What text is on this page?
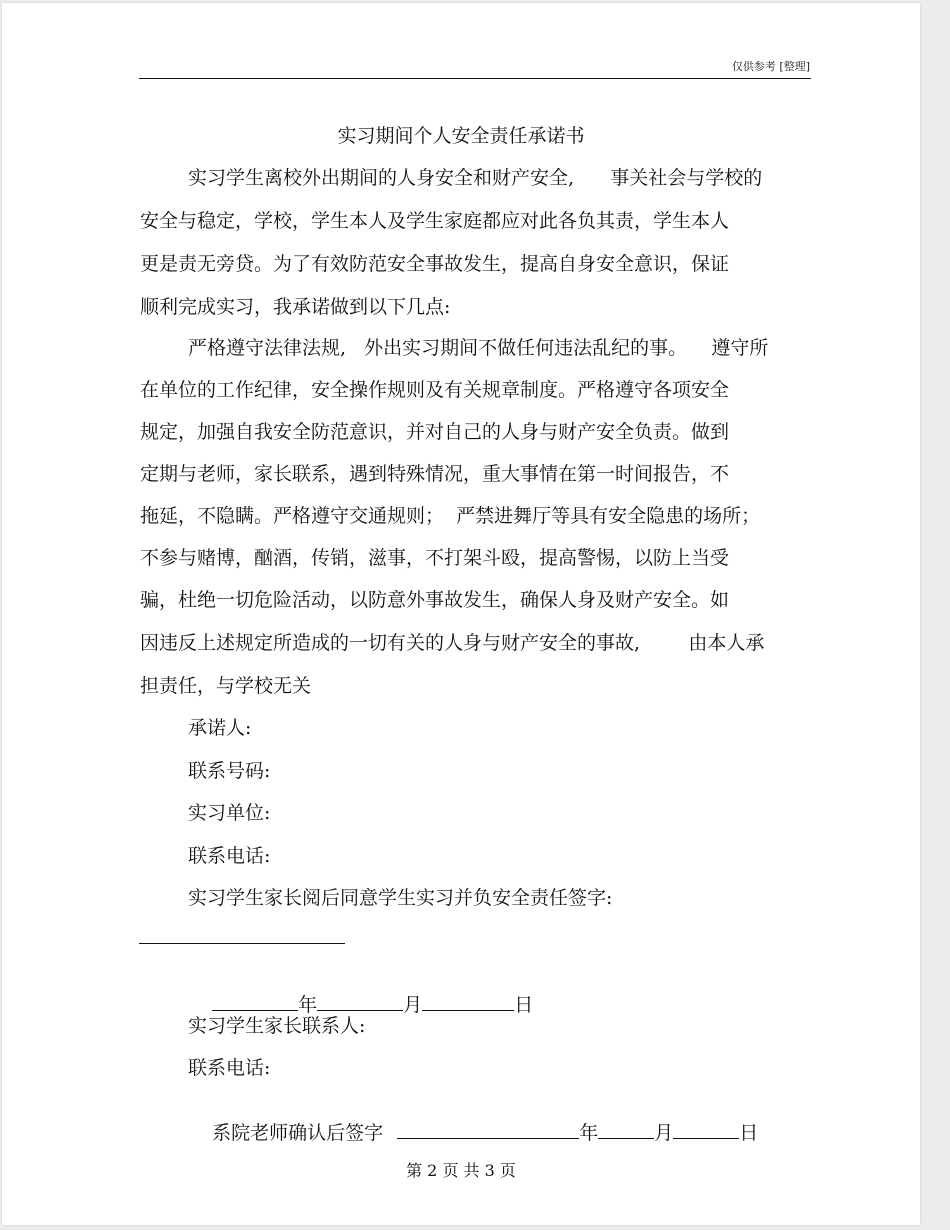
仅供参考 [整理]
实习期间个人安全责任承诺书
实习学生离校外出期间的人身安全和财产安全,      事关社会与学校的
安全与稳定，学校，学生本人及学生家庭都应对此各负其责，学生本人
更是责无旁贷。为了有效防范安全事故发生，提高自身安全意识，保证
顺利完成实习，我承诺做到以下几点:
严格遵守法律法规,   外出实习期间不做任何违法乱纪的事。    遵守所
在单位的工作纪律，安全操作规则及有关规章制度。严格遵守各项安全
规定，加强自我安全防范意识，并对自己的人身与财产安全负责。做到
定期与老师，家长联系，遇到特殊情况，重大事情在第一时间报告，不
拖延，不隐瞒。严格遵守交通规则；  严禁进舞厅等具有安全隐患的场所；
不参与赌博，酗酒，传销，滋事，不打架斗殴，提高警惕，以防上当受
骗，杜绝一切危险活动，以防意外事故发生，确保人身及财产安全。如
因违反上述规定所造成的一切有关的人身与财产安全的事故,        由本人承
担责任，与学校无关
承诺人:
联系号码:
实习单位:
联系电话:
实习学生家长阅后同意学生实习并负安全责任签字:

年	月	日

实习学生家长联系人:
联系电话:

系院老师确认后签字	年	月	日

第 2 页 共 3 页
